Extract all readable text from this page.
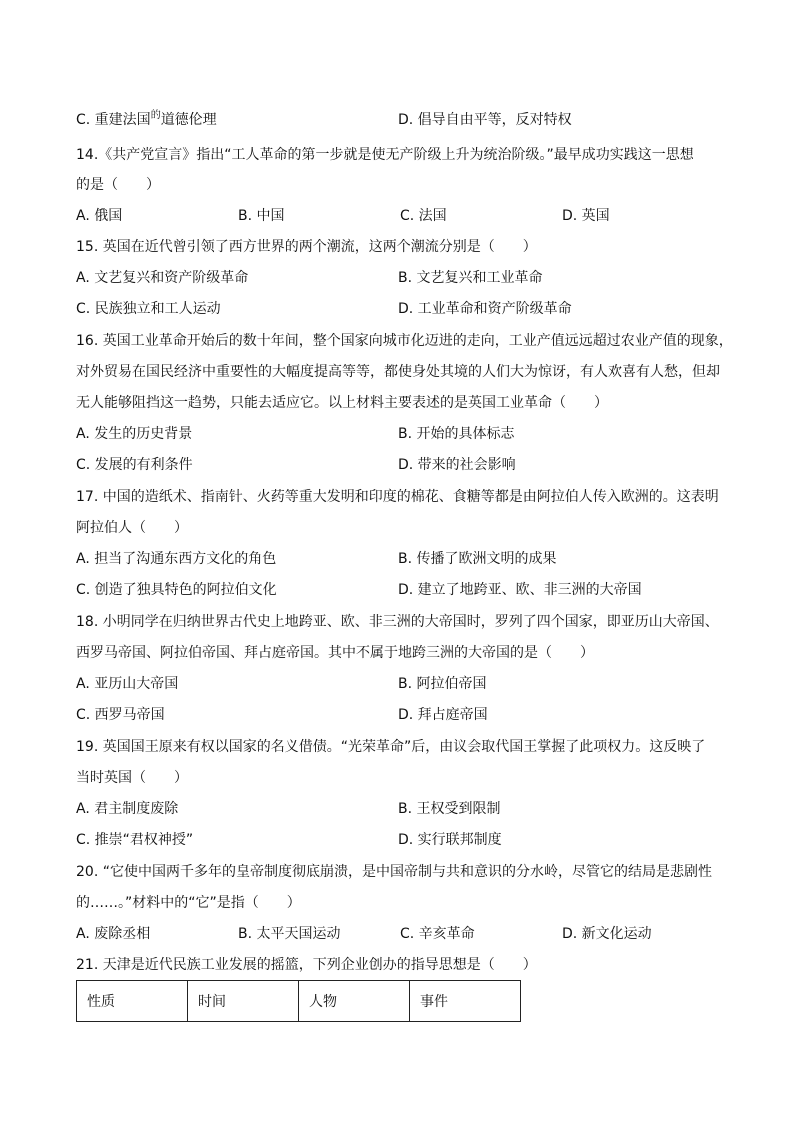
C. 重建法国$^的$道德伦理	D. 倡导自由平等，反对特权
14.《共产党宣言》指出“工人革命的第一步就是使无产阶级上升为统治阶级。”最早成功实践这一思想
的是（　　）
A. 俄国	B. 中国	C. 法国	D. 英国
15. 英国在近代曾引领了西方世界的两个潮流，这两个潮流分别是（　　）
A. 文艺复兴和资产阶级革命	B. 文艺复兴和工业革命
C. 民族独立和工人运动	D. 工业革命和资产阶级革命
16. 英国工业革命开始后的数十年间，整个国家向城市化迈进的走向，工业产值远远超过农业产值的现象，
对外贸易在国民经济中重要性的大幅度提高等等，都使身处其境的人们大为惊讶，有人欢喜有人愁，但却
无人能够阻挡这一趋势，只能去适应它。以上材料主要表述的是英国工业革命（　　）
A. 发生的历史背景	B. 开始的具体标志
C. 发展的有利条件	D. 带来的社会影响
17. 中国的造纸术、指南针、火药等重大发明和印度的棉花、食糖等都是由阿拉伯人传入欧洲的。这表明
阿拉伯人（　　）
A. 担当了沟通东西方文化的角色	B. 传播了欧洲文明的成果
C. 创造了独具特色的阿拉伯文化	D. 建立了地跨亚、欧、非三洲的大帝国
18. 小明同学在归纳世界古代史上地跨亚、欧、非三洲的大帝国时，罗列了四个国家，即亚历山大帝国、
西罗马帝国、阿拉伯帝国、拜占庭帝国。其中不属于地跨三洲的大帝国的是（　　）
A. 亚历山大帝国	B. 阿拉伯帝国
C. 西罗马帝国	D. 拜占庭帝国
19. 英国国王原来有权以国家的名义借债。“光荣革命”后，由议会取代国王掌握了此项权力。这反映了
当时英国（　　）
A. 君主制度废除	B. 王权受到限制
C. 推崇“君权神授”	D. 实行联邦制度
20. “它使中国两千多年的皇帝制度彻底崩溃，是中国帝制与共和意识的分水岭，尽管它的结局是悲剧性
的……。”材料中的“它”是指（　　）
A. 废除丞相	B. 太平天国运动	C. 辛亥革命	D. 新文化运动
21. 天津是近代民族工业发展的摇篮，下列企业创办的指导思想是（　　）
性质	时间	人物	事件
